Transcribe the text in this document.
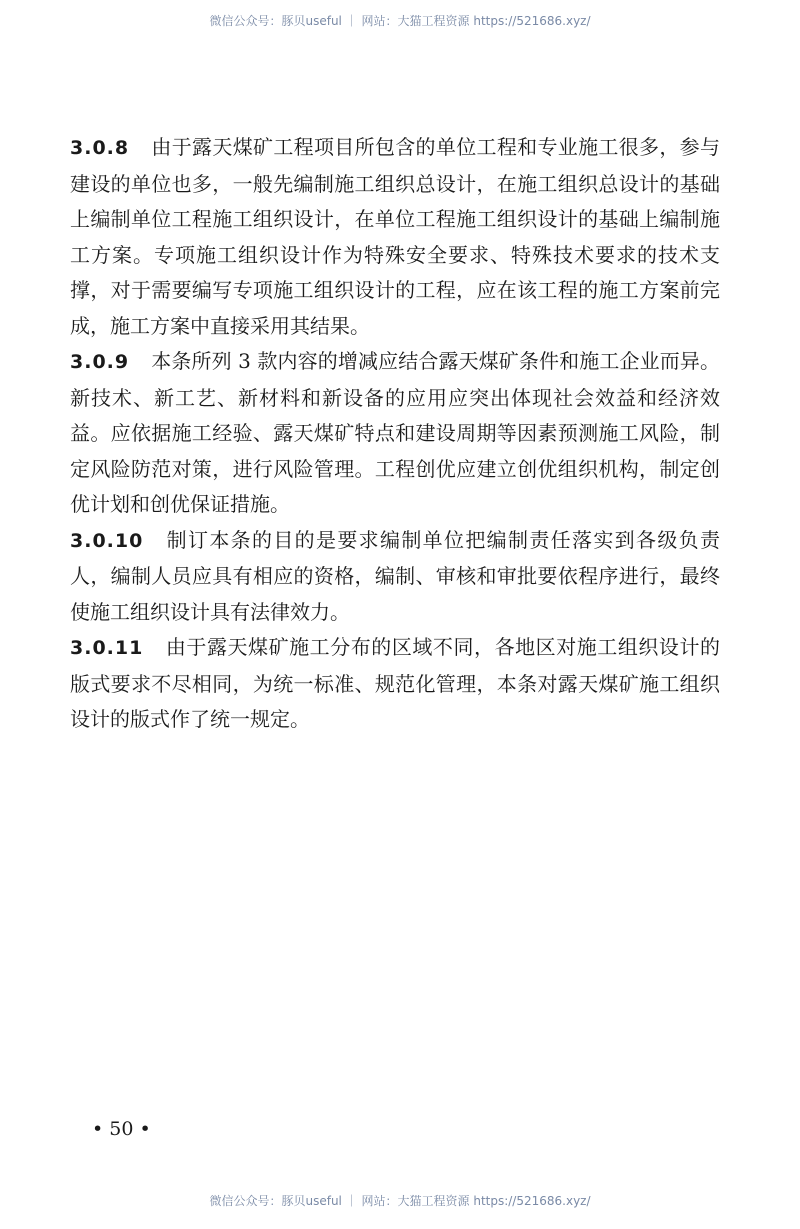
微信公众号：豚贝useful ｜ 网站：大猫工程资源 https://521686.xyz/

3.0.8 由于露天煤矿工程项目所包含的单位工程和专业施工很多，参与建设的单位也多，一般先编制施工组织总设计，在施工组织总设计的基础上编制单位工程施工组织设计，在单位工程施工组织设计的基础上编制施工方案。专项施工组织设计作为特殊安全要求、特殊技术要求的技术支撑，对于需要编写专项施工组织设计的工程，应在该工程的施工方案前完成，施工方案中直接采用其结果。

3.0.9 本条所列 3 款内容的增减应结合露天煤矿条件和施工企业而异。新技术、新工艺、新材料和新设备的应用应突出体现社会效益和经济效益。应依据施工经验、露天煤矿特点和建设周期等因素预测施工风险，制定风险防范对策，进行风险管理。工程创优应建立创优组织机构，制定创优计划和创优保证措施。

3.0.10 制订本条的目的是要求编制单位把编制责任落实到各级负责人，编制人员应具有相应的资格，编制、审核和审批要依程序进行，最终使施工组织设计具有法律效力。

3.0.11 由于露天煤矿施工分布的区域不同，各地区对施工组织设计的版式要求不尽相同，为统一标准、规范化管理，本条对露天煤矿施工组织设计的版式作了统一规定。

• 50 •
微信公众号：豚贝useful ｜ 网站：大猫工程资源 https://521686.xyz/
